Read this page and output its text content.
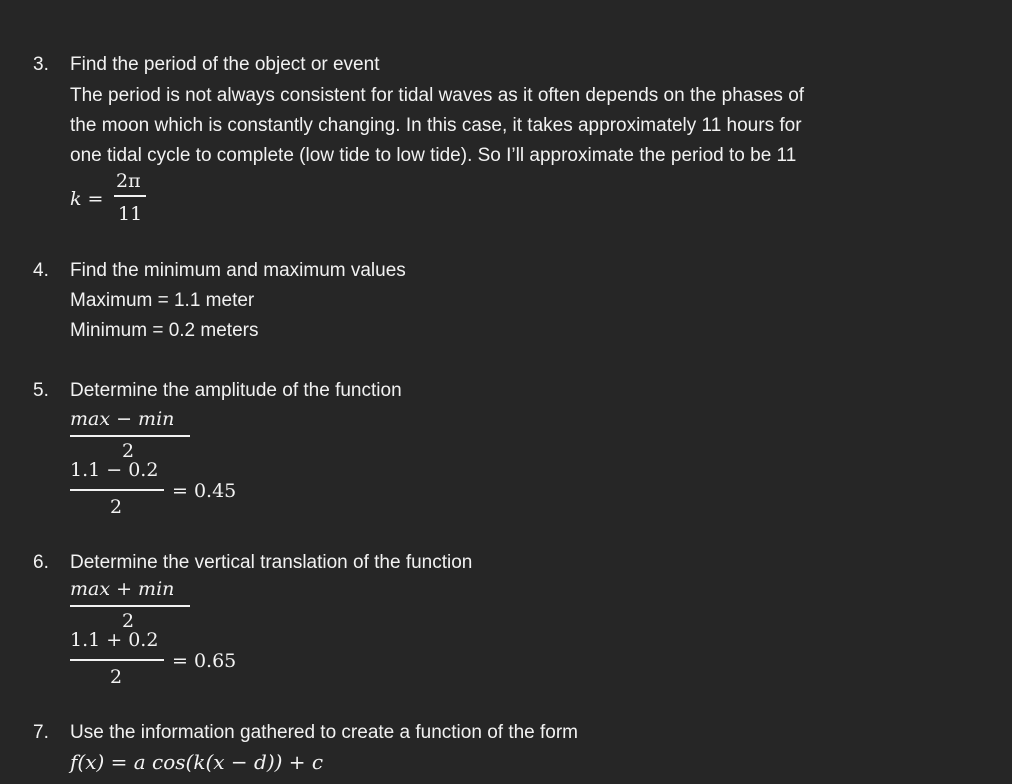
3. Find the period of the object or event
The period is not always consistent for tidal waves as it often depends on the phases of
the moon which is constantly changing. In this case, it takes approximately 11 hours for
one tidal cycle to complete (low tide to low tide). So I’ll approximate the period to be 11
k =
2π
11
4. Find the minimum and maximum values
Maximum = 1.1 meter
Minimum = 0.2 meters
5. Determine the amplitude of the function
max − min
2
1.1 − 0.2
2
= 0.45
6. Determine the vertical translation of the function
max + min
2
1.1 + 0.2
2
= 0.65
7. Use the information gathered to create a function of the form
f(x) = a cos(k(x − d)) + c
